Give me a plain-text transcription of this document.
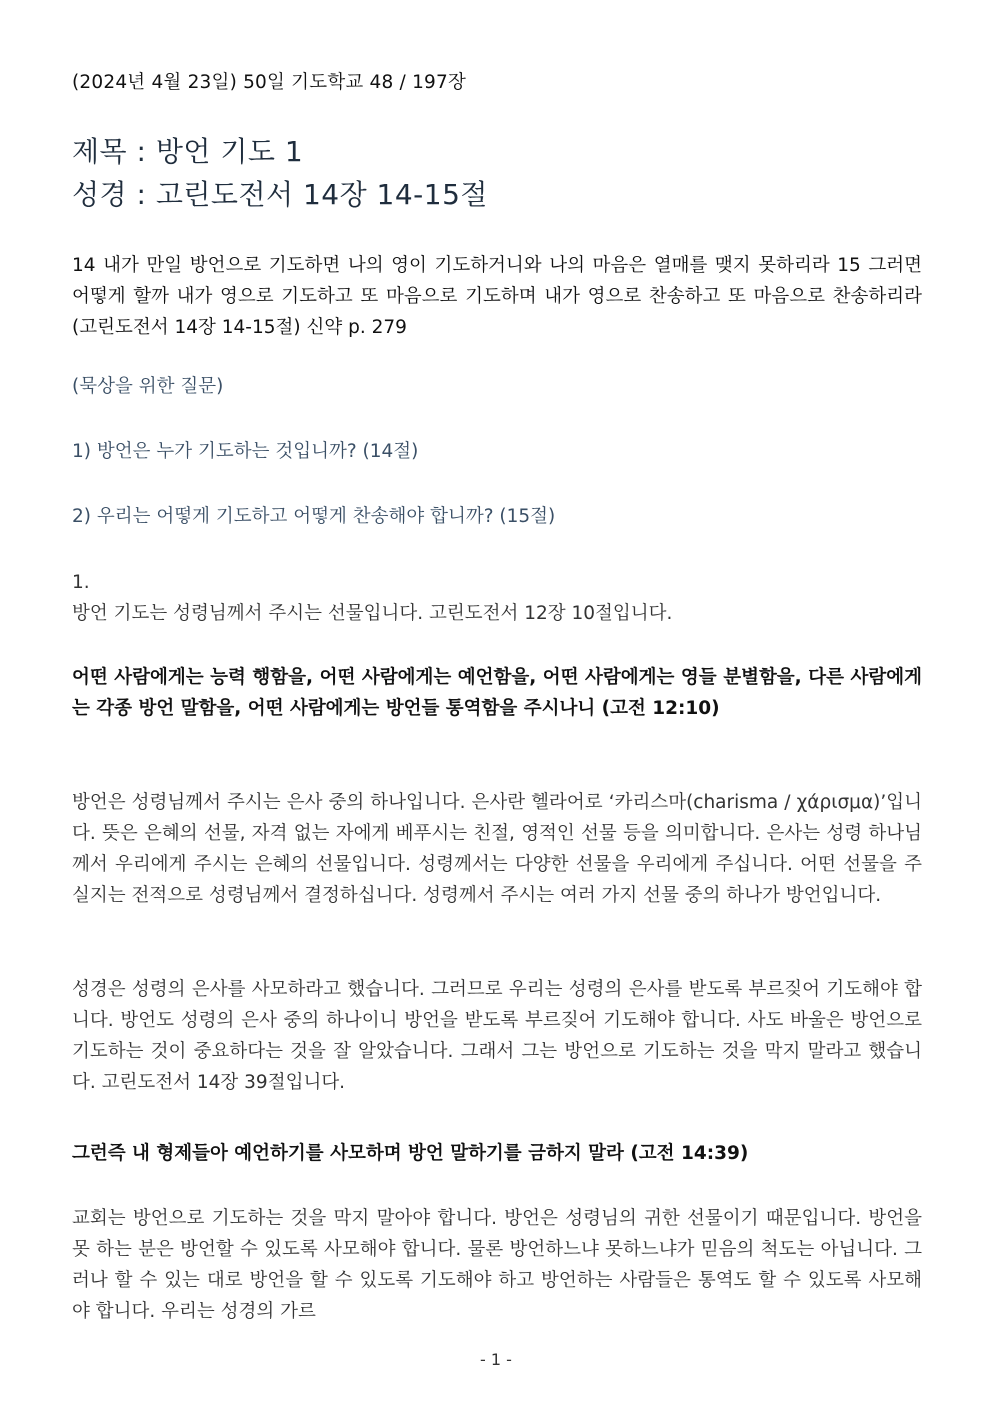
(2024년 4월 23일) 50일 기도학교 48 / 197장
제목 : 방언 기도 1
성경 : 고린도전서 14장 14-15절

14 내가 만일 방언으로 기도하면 나의 영이 기도하거니와 나의 마음은 열매를 맺지 못하리라 15 그러면 어떻게 할까 내가 영으로 기도하고 또 마음으로 기도하며 내가 영으로 찬송하고 또 마음으로 찬송하리라 (고린도전서 14장 14-15절) 신약 p. 279

(묵상을 위한 질문)

1) 방언은 누가 기도하는 것입니까? (14절)

2) 우리는 어떻게 기도하고 어떻게 찬송해야 합니까? (15절)

1.

방언 기도는 성령님께서 주시는 선물입니다. 고린도전서 12장 10절입니다.

어떤 사람에게는 능력 행함을, 어떤 사람에게는 예언함을, 어떤 사람에게는 영들 분별함을, 다른 사람에게는 각종 방언 말함을, 어떤 사람에게는 방언들 통역함을 주시나니 (고전 12:10)

방언은 성령님께서 주시는 은사 중의 하나입니다. 은사란 헬라어로 ‘카리스마(charisma / χάρισμα)’입니다. 뜻은 은혜의 선물, 자격 없는 자에게 베푸시는 친절, 영적인 선물 등을 의미합니다. 은사는 성령 하나님께서 우리에게 주시는 은혜의 선물입니다. 성령께서는 다양한 선물을 우리에게 주십니다. 어떤 선물을 주실지는 전적으로 성령님께서 결정하십니다. 성령께서 주시는 여러 가지 선물 중의 하나가 방언입니다.

성경은 성령의 은사를 사모하라고 했습니다. 그러므로 우리는 성령의 은사를 받도록 부르짖어 기도해야 합니다. 방언도 성령의 은사 중의 하나이니 방언을 받도록 부르짖어 기도해야 합니다. 사도 바울은 방언으로 기도하는 것이 중요하다는 것을 잘 알았습니다. 그래서 그는 방언으로 기도하는 것을 막지 말라고 했습니다. 고린도전서 14장 39절입니다.

그런즉 내 형제들아 예언하기를 사모하며 방언 말하기를 금하지 말라 (고전 14:39)

교회는 방언으로 기도하는 것을 막지 말아야 합니다. 방언은 성령님의 귀한 선물이기 때문입니다. 방언을 못 하는 분은 방언할 수 있도록 사모해야 합니다. 물론 방언하느냐 못하느냐가 믿음의 척도는 아닙니다. 그러나 할 수 있는 대로 방언을 할 수 있도록 기도해야 하고 방언하는 사람들은 통역도 할 수 있도록 사모해야 합니다. 우리는 성경의 가르

- 1 -
